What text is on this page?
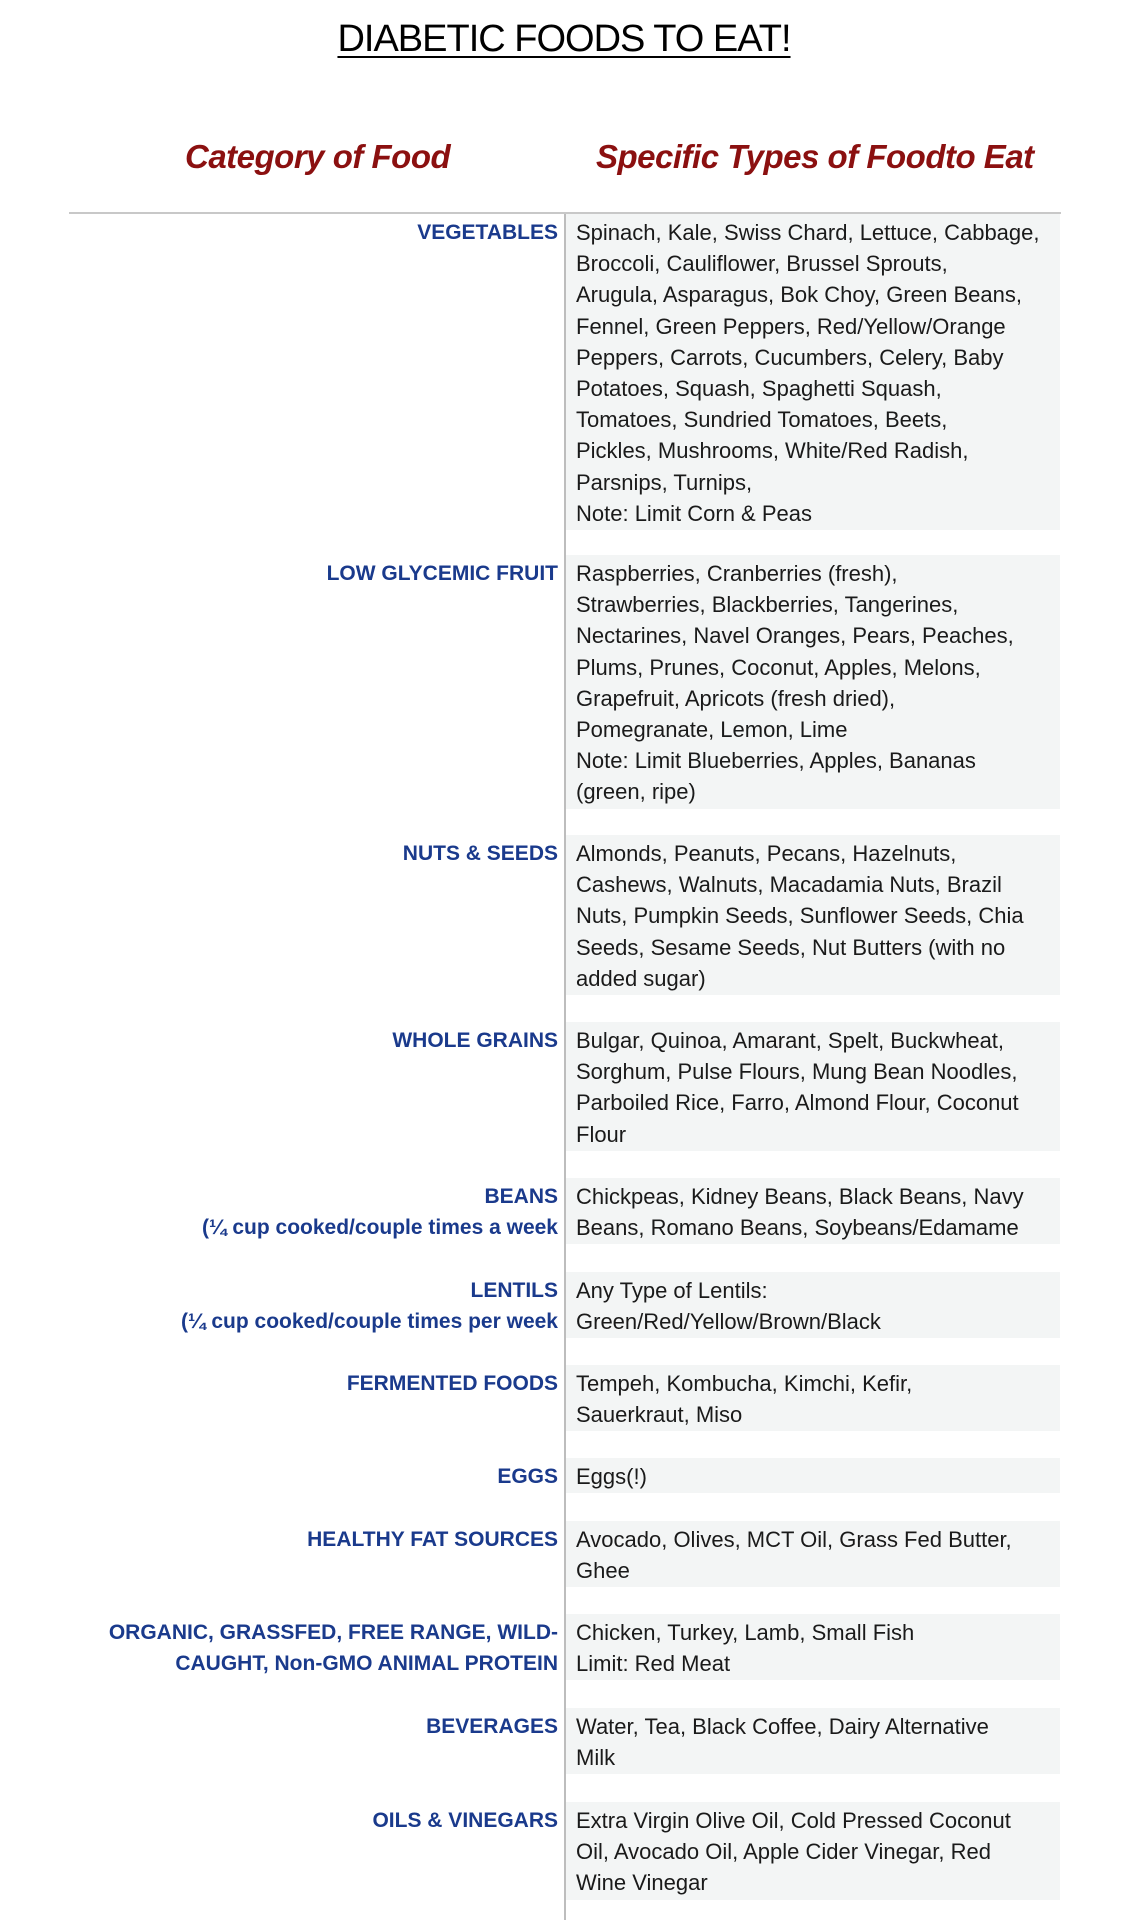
DIABETIC FOODS TO EAT!
Category of Food	Specific Types of Foodto Eat
VEGETABLES Spinach, Kale, Swiss Chard, Lettuce, Cabbage,
Broccoli, Cauliflower, Brussel Sprouts,
Arugula, Asparagus, Bok Choy, Green Beans,
Fennel, Green Peppers, Red/Yellow/Orange
Peppers, Carrots, Cucumbers, Celery, Baby
Potatoes, Squash, Spaghetti Squash,
Tomatoes, Sundried Tomatoes, Beets,
Pickles, Mushrooms, White/Red Radish,
Parsnips, Turnips,
Note: Limit Corn & Peas
LOW GLYCEMIC FRUIT Raspberries, Cranberries (fresh),
Strawberries, Blackberries, Tangerines,
Nectarines, Navel Oranges, Pears, Peaches,
Plums, Prunes, Coconut, Apples, Melons,
Grapefruit, Apricots (fresh dried),
Pomegranate, Lemon, Lime
Note: Limit Blueberries, Apples, Bananas
(green, ripe)
NUTS & SEEDS Almonds, Peanuts, Pecans, Hazelnuts,
Cashews, Walnuts, Macadamia Nuts, Brazil
Nuts, Pumpkin Seeds, Sunflower Seeds, Chia
Seeds, Sesame Seeds, Nut Butters (with no
added sugar)
WHOLE GRAINS Bulgar, Quinoa, Amarant, Spelt, Buckwheat,
Sorghum, Pulse Flours, Mung Bean Noodles,
Parboiled Rice, Farro, Almond Flour, Coconut
Flour
BEANS
(¼ cup cooked/couple times a week
Chickpeas, Kidney Beans, Black Beans, Navy
Beans, Romano Beans, Soybeans/Edamame
LENTILS
(¼ cup cooked/couple times per week
Any Type of Lentils:
Green/Red/Yellow/Brown/Black
FERMENTED FOODS Tempeh, Kombucha, Kimchi, Kefir,
Sauerkraut, Miso
EGGS Eggs(!)
HEALTHY FAT SOURCES Avocado, Olives, MCT Oil, Grass Fed Butter,
Ghee
ORGANIC, GRASSFED, FREE RANGE, WILD-
CAUGHT, Non-GMO ANIMAL PROTEIN
Chicken, Turkey, Lamb, Small Fish
Limit: Red Meat
BEVERAGES Water, Tea, Black Coffee, Dairy Alternative
Milk
OILS & VINEGARS Extra Virgin Olive Oil, Cold Pressed Coconut
Oil, Avocado Oil, Apple Cider Vinegar, Red
Wine Vinegar
